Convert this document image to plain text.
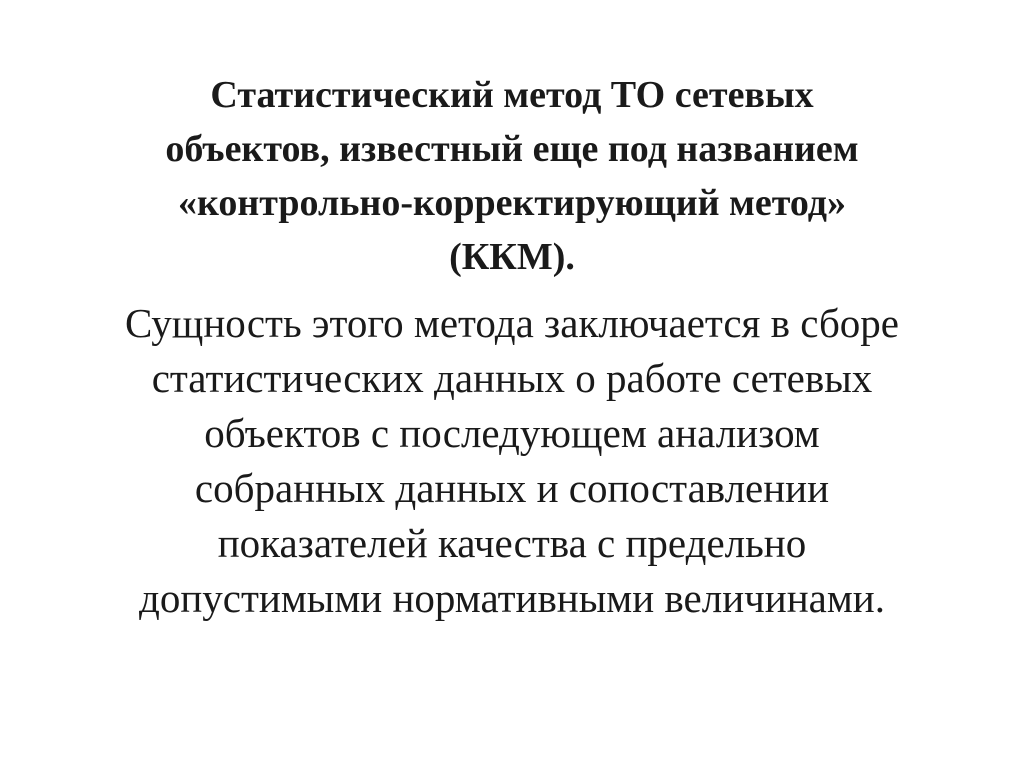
Статистический метод ТО сетевых
объектов, известный еще под названием
«контрольно-корректирующий метод»
(ККМ).

Сущность этого метода заключается в сборе
статистических данных о работе сетевых
объектов с последующем анализом
собранных данных и сопоставлении
показателей качества с предельно
допустимыми нормативными величинами.
